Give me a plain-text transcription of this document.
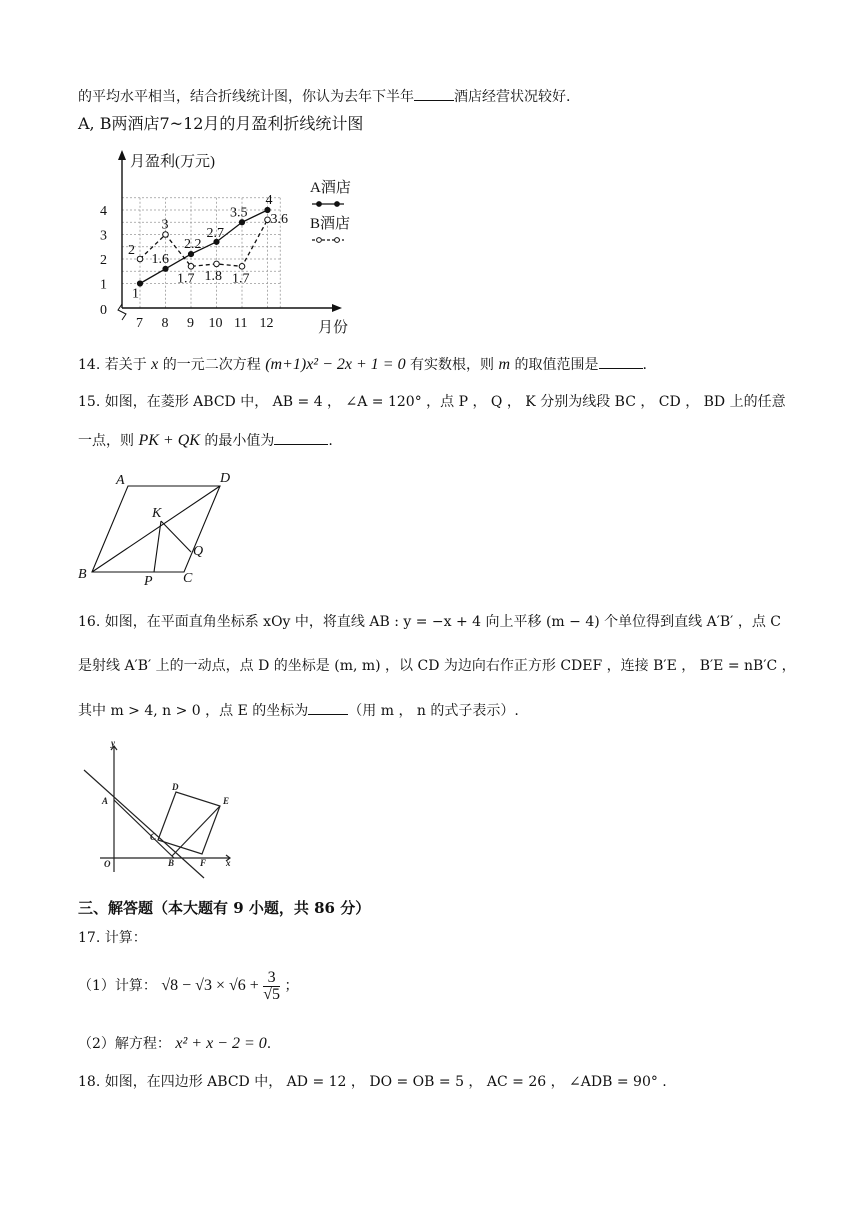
的平均水平相当，结合折线统计图，你认为去年下半年	酒店经营状况较好.
A, B两酒店7~12月的月盈利折线统计图
0
1
2
3
4
7 8 9 10 11 12
月盈利(万元)
月份
1
1.6
2.2
2.7
3.5
4
2
3
1.7 1.8 1.7
3.6
A酒店
B酒店
14. 若关于 x 的一元二次方程 (m+1)x² − 2x + 1 = 0 有实数根，则 m 的取值范围是	.
15. 如图，在菱形 ABCD 中， AB = 4 ， ∠A = 120° ，点 P ， Q ， K 分别为线段 BC ， CD ， BD 上的任意
一点，则 PK + QK 的最小值为	.
A	D
K
Q
B	P C
16. 如图，在平面直角坐标系 xOy 中，将直线 AB : y = −x + 4 向上平移 (m − 4) 个单位得到直线 A′B′ ，点 C
是射线 A′B′ 上的一动点，点 D 的坐标是 (m, m) ，以 CD 为边向右作正方形 CDEF ，连接 B′E ， B′E = nB′C ，
其中 m > 4, n > 0 ，点 E 的坐标为	（用 m ， n 的式子表示）.
y
D
E
A
C
O	B	F x
三、解答题（本大题有 9 小题，共 86 分）
17. 计算：
（1）计算： $√8 - √3 \times √6 + \frac{3}{√5}$ ；
（2）解方程： x² + x − 2 = 0.
18. 如图，在四边形 ABCD 中， AD = 12 ， DO = OB = 5 ， AC = 26 ， ∠ADB = 90° .
